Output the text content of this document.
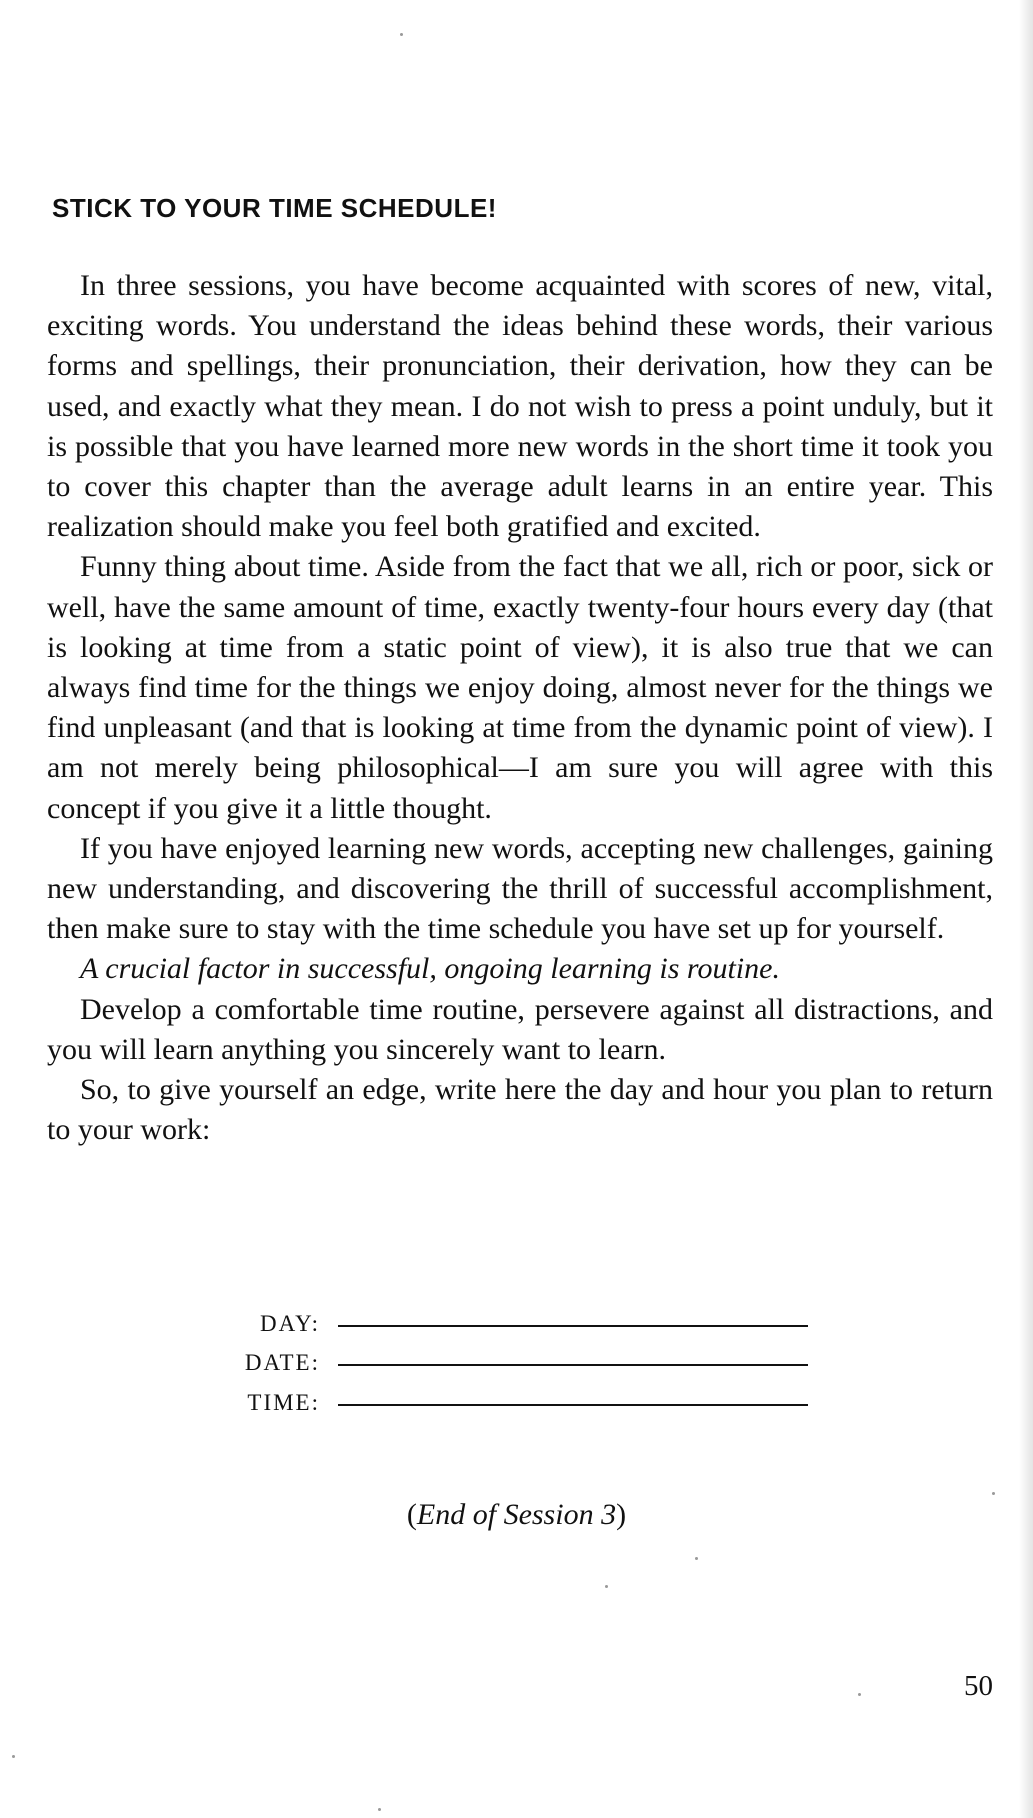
STICK TO YOUR TIME SCHEDULE!

In three sessions, you have become acquainted with scores of new, vital, exciting words. You understand the ideas behind these words, their various forms and spellings, their pronunciation, their derivation, how they can be used, and exactly what they mean. I do not wish to press a point unduly, but it is possible that you have learned more new words in the short time it took you to cover this chapter than the average adult learns in an entire year. This realization should make you feel both gratified and excited.

Funny thing about time. Aside from the fact that we all, rich or poor, sick or well, have the same amount of time, exactly twenty-four hours every day (that is looking at time from a static point of view), it is also true that we can always find time for the things we enjoy doing, almost never for the things we find unpleasant (and that is looking at time from the dynamic point of view). I am not merely being philosophical—I am sure you will agree with this concept if you give it a little thought.

If you have enjoyed learning new words, accepting new challenges, gaining new understanding, and discovering the thrill of successful accomplishment, then make sure to stay with the time schedule you have set up for yourself.

A crucial factor in successful, ongoing learning is routine.

Develop a comfortable time routine, persevere against all distractions, and you will learn anything you sincerely want to learn.

So, to give yourself an edge, write here the day and hour you plan to return to your work:

DAY:
DATE:
TIME:
(End of Session 3)
50
